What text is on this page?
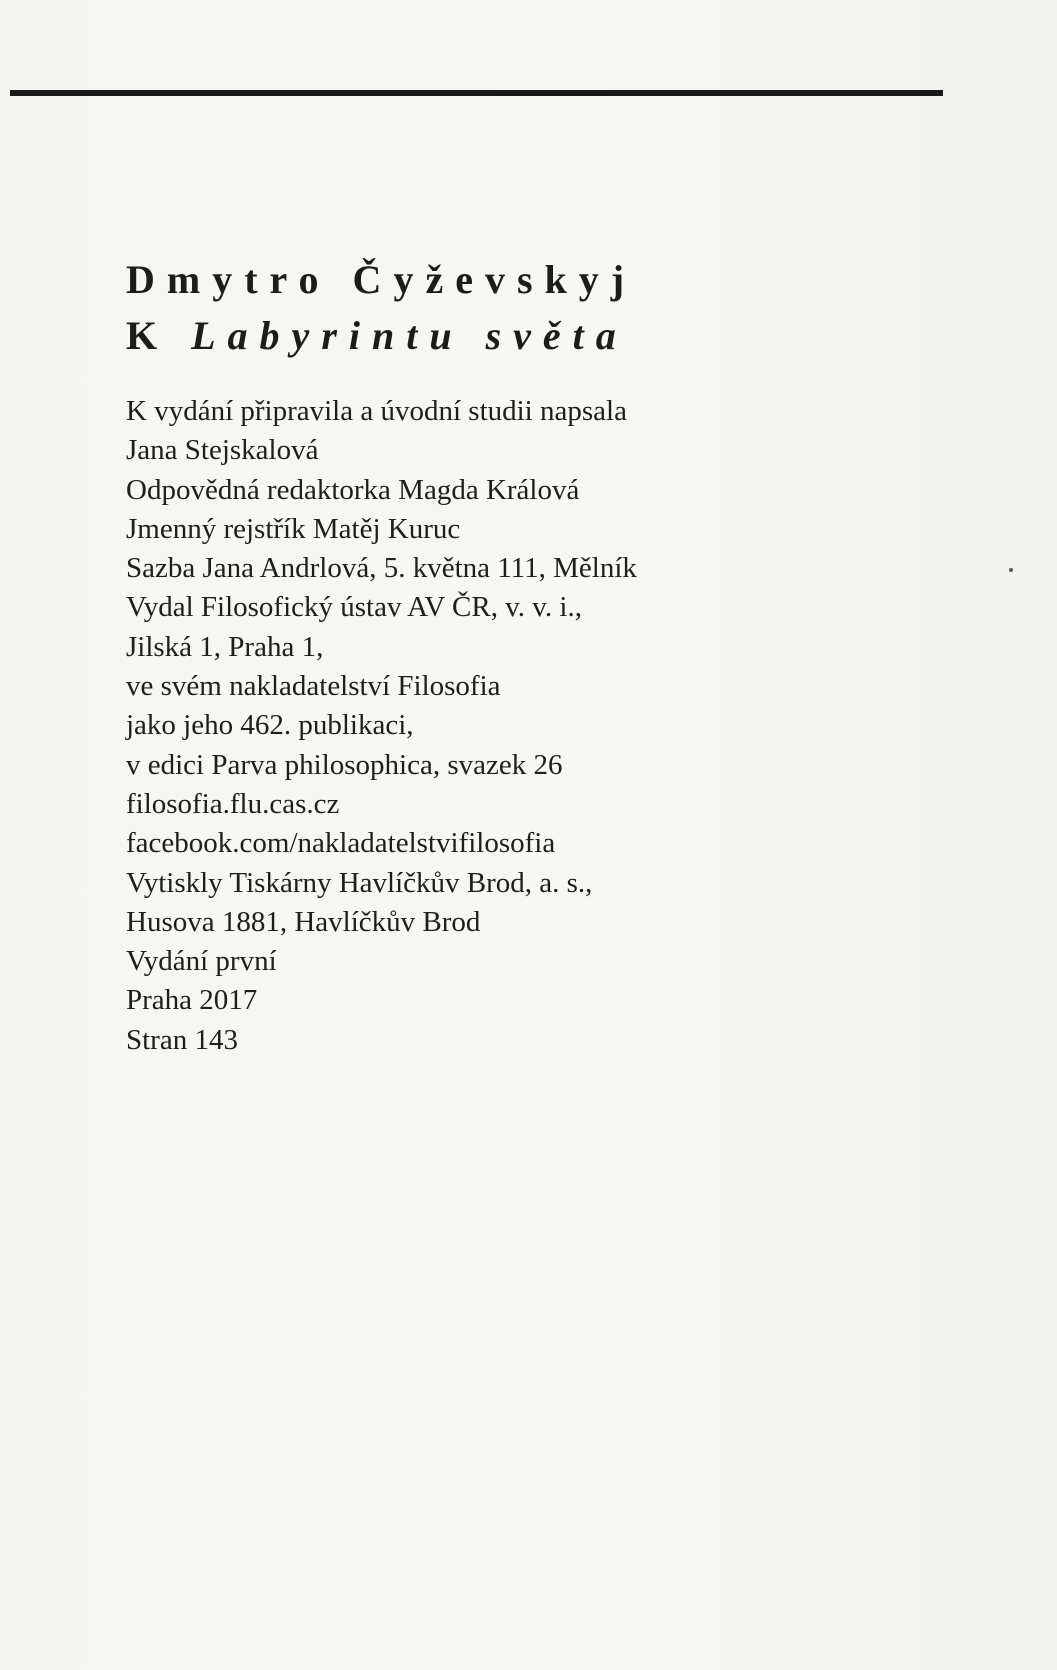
Dmytro Čyževskyj

K Labyrintu světa

K vydání připravila a úvodní studii napsala
Jana Stejskalová
Odpovědná redaktorka Magda Králová
Jmenný rejstřík Matěj Kuruc
Sazba Jana Andrlová, 5. května 111, Mělník
Vydal Filosofický ústav AV ČR, v. v. i.,
Jilská 1, Praha 1,
ve svém nakladatelství Filosofia
jako jeho 462. publikaci,
v edici Parva philosophica, svazek 26
filosofia.flu.cas.cz
facebook.com/nakladatelstvifilosofia
Vytiskly Tiskárny Havlíčkův Brod, a. s.,
Husova 1881, Havlíčkův Brod
Vydání první
Praha 2017
Stran 143
